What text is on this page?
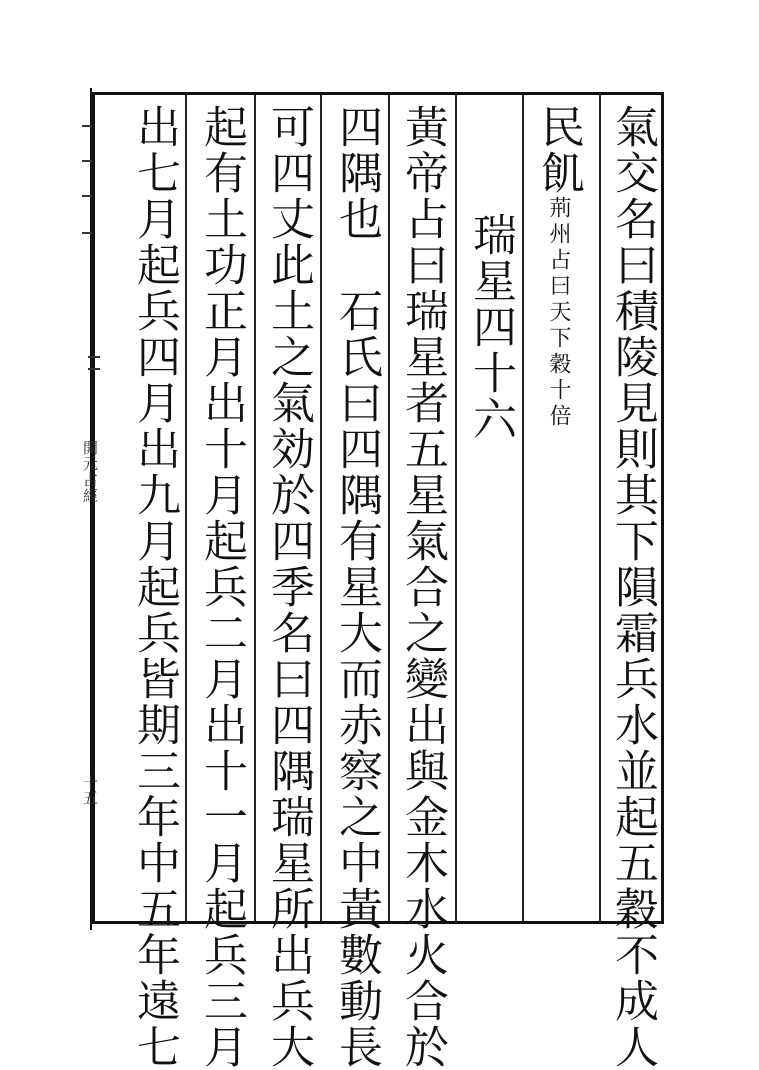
氣交名曰積陵見則其下隕霜兵水並起五穀不成人
民飢荊州占曰天下穀十倍
瑞星四十六
黃帝占曰瑞星者五星氣合之變出與金木水火合於
四隅也　石氏曰四隅有星大而赤察之中黃數動長
可四丈此土之氣効於四季名曰四隅瑞星所出兵大
起有土功正月出十月起兵二月出十一月起兵三月
出七月起兵四月出九月起兵皆期三年中五年遠七
開元占經
十五
